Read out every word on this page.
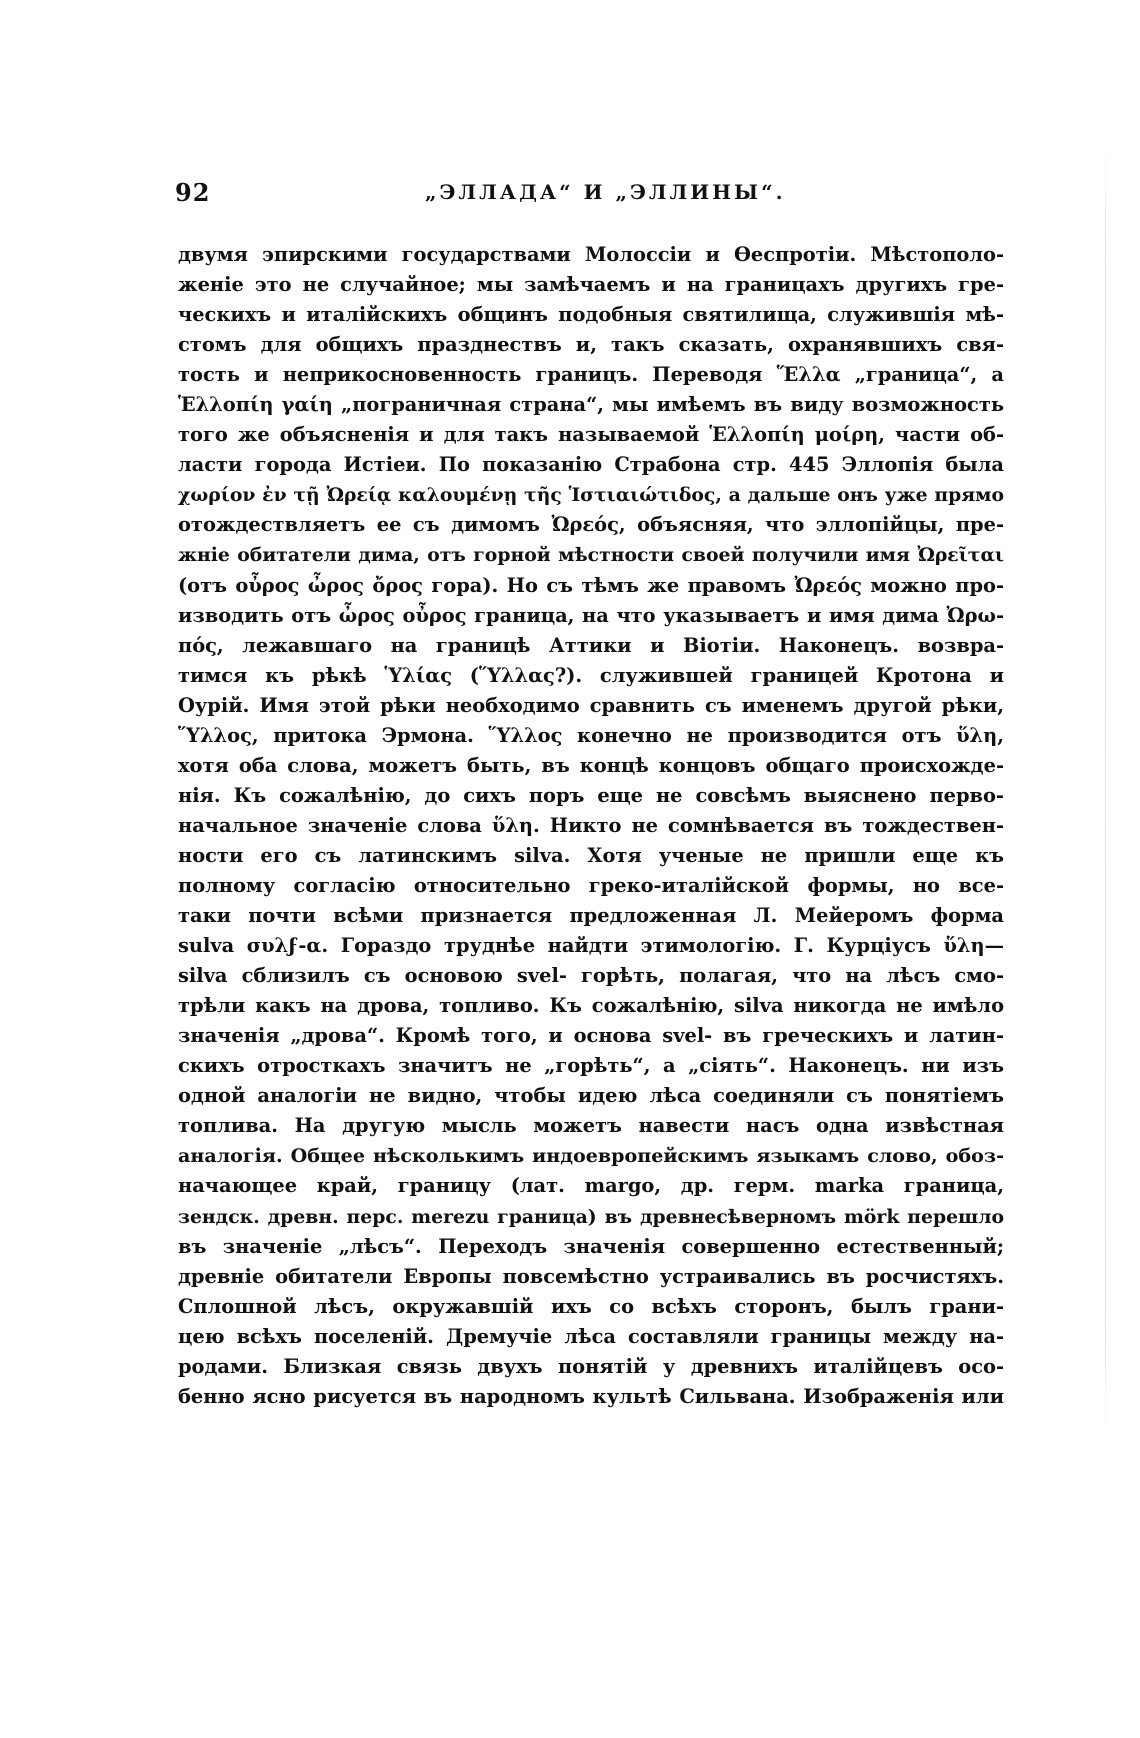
92	„ЭЛЛАДА“ И „ЭЛЛИНЫ“.
двумя эпирскими государствами Молоссіи и Ѳеспротіи. Мѣстополо-
женіе это не случайное; мы замѣчаемъ и на границахъ другихъ гре-
ческихъ и италійскихъ общинъ подобныя святилища, служившія мѣ-
стомъ для общихъ празднествъ и, такъ сказать, охранявшихъ свя-
тость и неприкосновенность границъ. Переводя Ἕλλα „граница“, а
Ἑλλοπίη γαίη „пограничная страна“, мы имѣемъ въ виду возможность
того же объясненія и для такъ называемой Ἑλλοπίη μοίρη, части об-
ласти города Истіеи. По показанію Страбона стр. 445 Эллопія была
χωρίον ἐν τῇ Ὠρείᾳ καλουμένῃ τῆς Ἱστιαιώτιδος, а дальше онъ уже прямо
отождествляетъ ее съ димомъ Ὠρεός, объясняя, что эллопійцы, пре-
жніе обитатели дима, отъ горной мѣстности своей получили имя Ὠρεῖται
(отъ οὖρος ὦρος ὄρος гора). Но съ тѣмъ же правомъ Ὠρεός можно про-
изводить отъ ὦρος οὖρος граница, на что указываетъ и имя дима Ὠρω-
πός, лежавшаго на границѣ Аттики и Віотіи. Наконецъ. возвра-
тимся къ рѣкѣ Ὑλίας (Ὕλλας?). служившей границей Кротона и
Оурій. Имя этой рѣки необходимо сравнить съ именемъ другой рѣки,
Ὕλλος, притока Эрмона. Ὕλλος конечно не производится отъ ὕλη,
хотя оба слова, можетъ быть, въ концѣ концовъ общаго происхожде-
нія. Къ сожалѣнію, до сихъ поръ еще не совсѣмъ выяснено перво-
начальное значеніе слова ὕλη. Никто не сомнѣвается въ тождествен-
ности его съ латинскимъ silva. Хотя ученые не пришли еще къ
полному согласію относительно греко-италійской формы, но все-
таки почти всѣми признается предложенная Л. Мейеромъ форма
sulva συλϝ-α. Гораздо труднѣе найдти этимологію. Г. Курціусъ ὕλη—
silva сблизилъ съ основою svel- горѣть, полагая, что на лѣсъ смо-
трѣли какъ на дрова, топливо. Къ сожалѣнію, silva никогда не имѣло
значенія „дрова“. Кромѣ того, и основа svel- въ греческихъ и латин-
скихъ отросткахъ значитъ не „горѣть“, а „сіять“. Наконецъ. ни изъ
одной аналогіи не видно, чтобы идею лѣса соединяли съ понятіемъ
топлива. На другую мысль можетъ навести насъ одна извѣстная
аналогія. Общее нѣсколькимъ индоевропейскимъ языкамъ слово, обоз-
начающее край, границу (лат. margo, др. герм. marka граница,
зендск. древн. перс. merezu граница) въ древнесѣверномъ mörk перешло
въ значеніе „лѣсъ“. Переходъ значенія совершенно естественный;
древніе обитатели Европы повсемѣстно устраивались въ росчистяхъ.
Сплошной лѣсъ, окружавшій ихъ со всѣхъ сторонъ, былъ грани-
цею всѣхъ поселеній. Дремучіе лѣса составляли границы между на-
родами. Близкая связь двухъ понятій у древнихъ италійцевъ осо-
бенно ясно рисуется въ народномъ культѣ Сильвана. Изображенія или
